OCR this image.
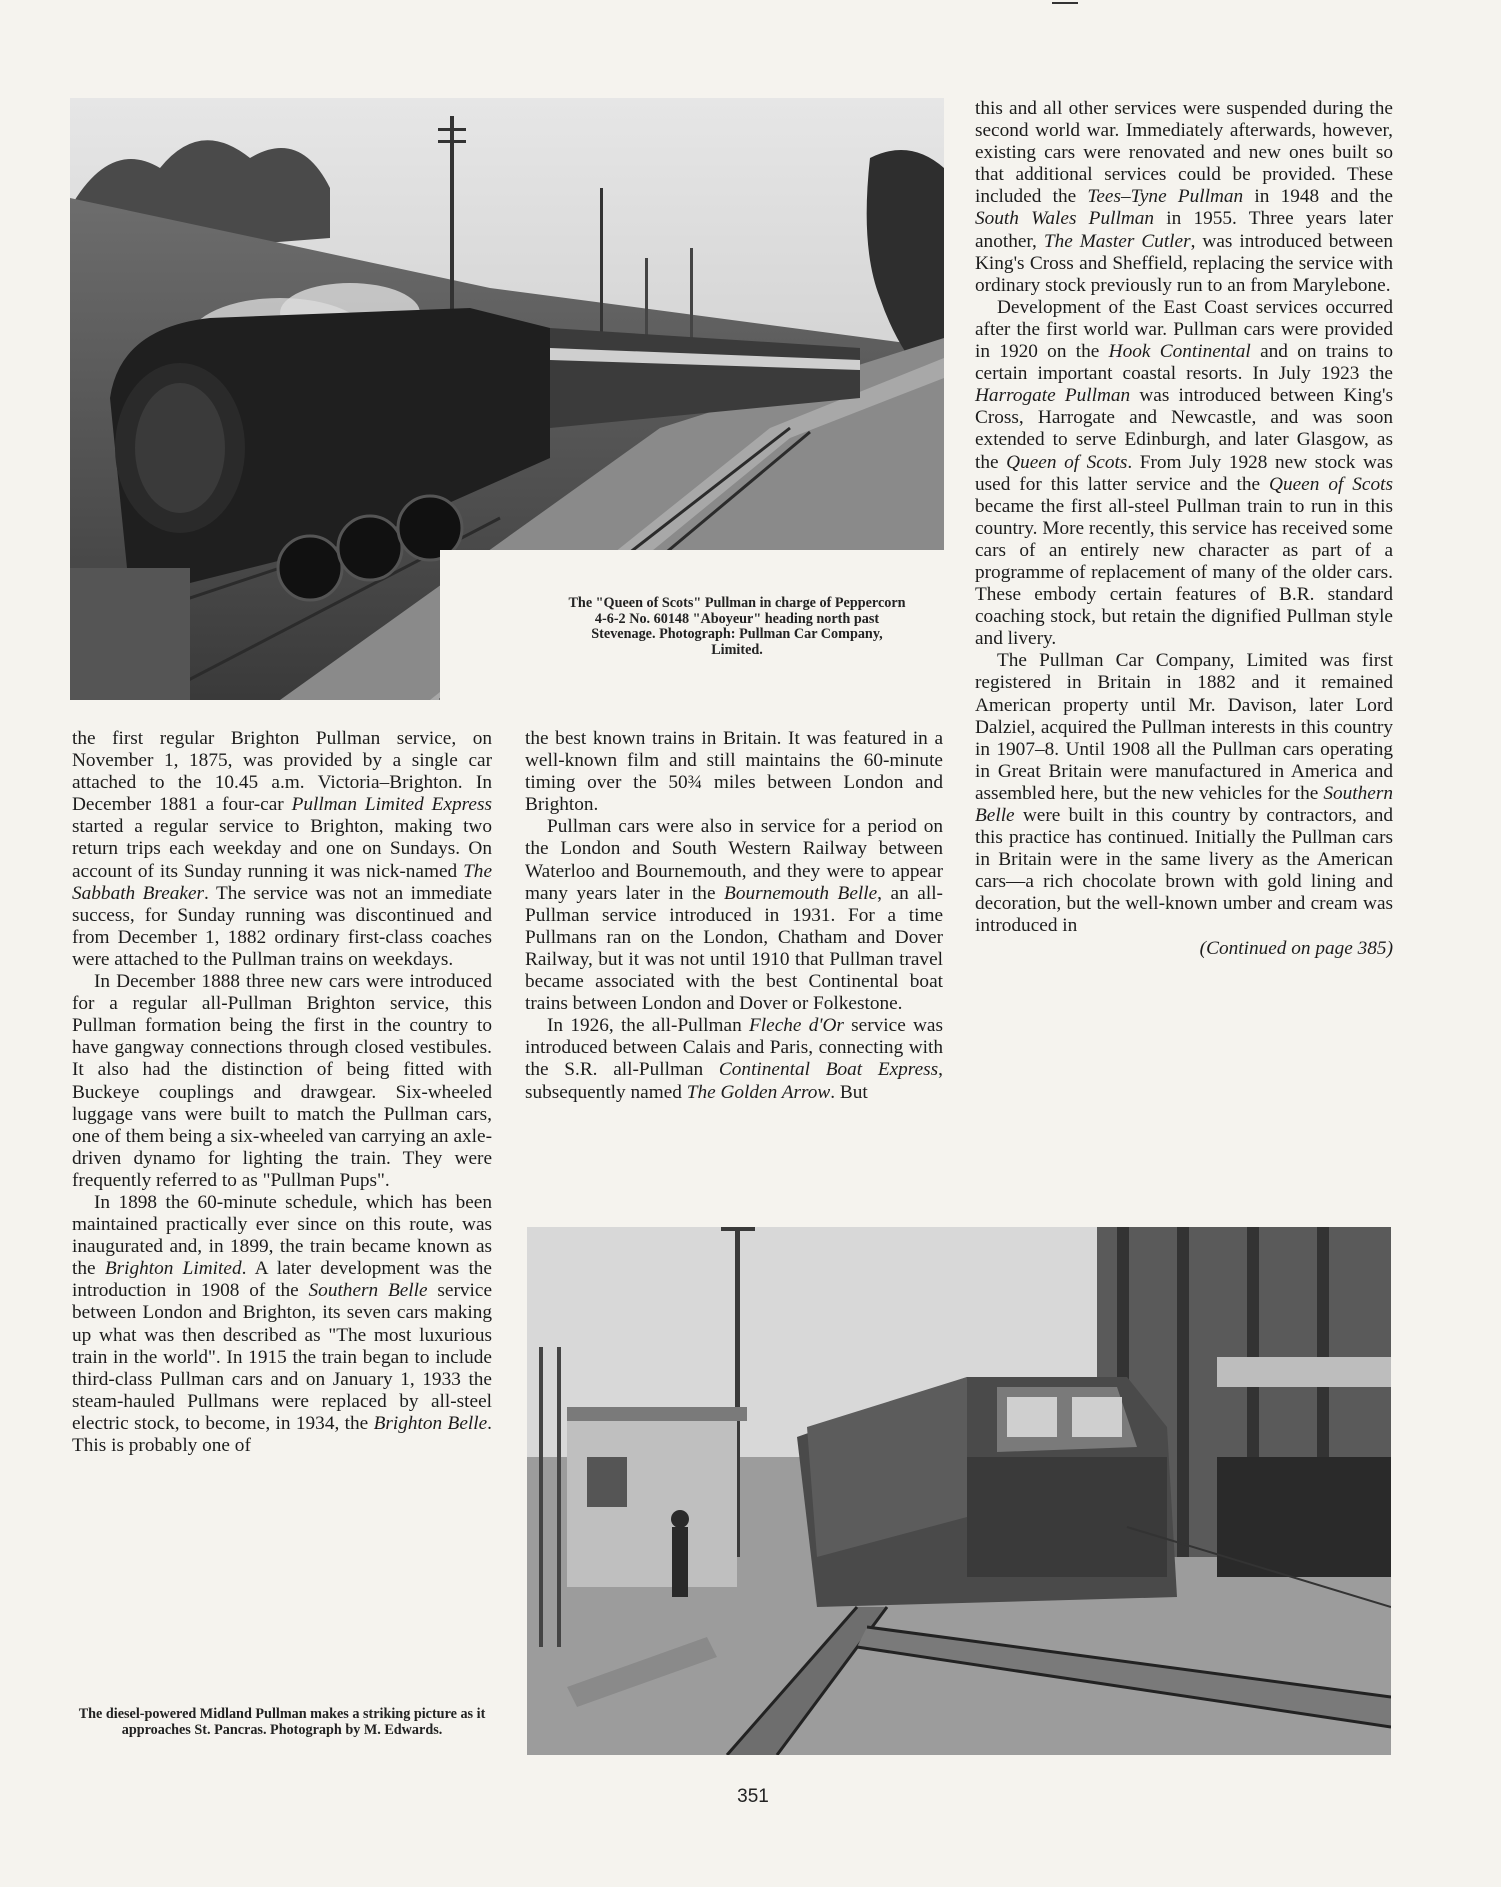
The "Queen of Scots" Pullman in charge of Peppercorn 4-6-2 No. 60148 "Aboyeur" heading north past Stevenage. Photograph: Pullman Car Company, Limited.

the first regular Brighton Pullman service, on November 1, 1875, was provided by a single car attached to the 10.45 a.m. Victoria–Brighton. In December 1881 a four-car Pullman Limited Express started a regular service to Brighton, making two return trips each weekday and one on Sundays. On account of its Sunday running it was nick-named The Sabbath Breaker. The service was not an immediate success, for Sunday running was discontinued and from December 1, 1882 ordinary first-class coaches were attached to the Pullman trains on weekdays.

In December 1888 three new cars were introduced for a regular all-Pullman Brighton service, this Pullman formation being the first in the country to have gangway connections through closed vestibules. It also had the distinction of being fitted with Buckeye couplings and drawgear. Six-wheeled luggage vans were built to match the Pullman cars, one of them being a six-wheeled van carrying an axle-driven dynamo for lighting the train. They were frequently referred to as "Pullman Pups".

In 1898 the 60-minute schedule, which has been maintained practically ever since on this route, was inaugurated and, in 1899, the train became known as the Brighton Limited. A later development was the introduction in 1908 of the Southern Belle service between London and Brighton, its seven cars making up what was then described as "The most luxurious train in the world". In 1915 the train began to include third-class Pullman cars and on January 1, 1933 the steam-hauled Pullmans were replaced by all-steel electric stock, to become, in 1934, the Brighton Belle. This is probably one of

the best known trains in Britain. It was featured in a well-known film and still maintains the 60-minute timing over the 50¾ miles between London and Brighton.

Pullman cars were also in service for a period on the London and South Western Railway between Waterloo and Bournemouth, and they were to appear many years later in the Bournemouth Belle, an all-Pullman service introduced in 1931. For a time Pullmans ran on the London, Chatham and Dover Railway, but it was not until 1910 that Pullman travel became associated with the best Continental boat trains between London and Dover or Folkestone.

In 1926, the all-Pullman Fleche d'Or service was introduced between Calais and Paris, connecting with the S.R. all-Pullman Continental Boat Express, subsequently named The Golden Arrow. But

this and all other services were suspended during the second world war. Immediately afterwards, however, existing cars were renovated and new ones built so that additional services could be provided. These included the Tees–Tyne Pullman in 1948 and the South Wales Pullman in 1955. Three years later another, The Master Cutler, was introduced between King's Cross and Sheffield, replacing the service with ordinary stock previously run to an from Marylebone.

Development of the East Coast services occurred after the first world war. Pullman cars were provided in 1920 on the Hook Continental and on trains to certain important coastal resorts. In July 1923 the Harrogate Pullman was introduced between King's Cross, Harrogate and Newcastle, and was soon extended to serve Edinburgh, and later Glasgow, as the Queen of Scots. From July 1928 new stock was used for this latter service and the Queen of Scots became the first all-steel Pullman train to run in this country. More recently, this service has received some cars of an entirely new character as part of a programme of replacement of many of the older cars. These embody certain features of B.R. standard coaching stock, but retain the dignified Pullman style and livery.

The Pullman Car Company, Limited was first registered in Britain in 1882 and it remained American property until Mr. Davison, later Lord Dalziel, acquired the Pullman interests in this country in 1907–8. Until 1908 all the Pullman cars operating in Great Britain were manufactured in America and assembled here, but the new vehicles for the Southern Belle were built in this country by contractors, and this practice has continued. Initially the Pullman cars in Britain were in the same livery as the American cars—a rich chocolate brown with gold lining and decoration, but the well-known umber and cream was introduced in

(Continued on page 385)
The diesel-powered Midland Pullman makes a striking picture as it approaches St. Pancras. Photograph by M. Edwards.
351
